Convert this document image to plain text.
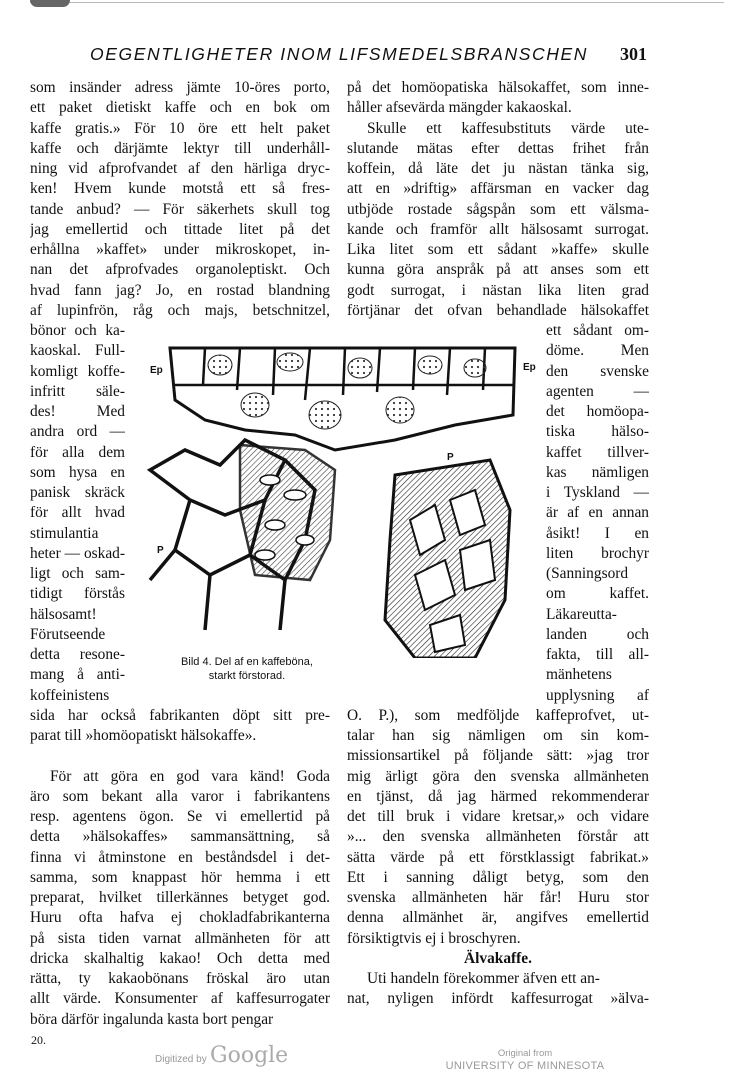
OEGENTLIGHETER INOM LIFSMEDELSBRANSCHEN 301
som insänder adress jämte 10-öres porto,
ett paket dietiskt kaffe och en bok om
kaffe gratis.» För 10 öre ett helt paket
kaffe och därjämte lektyr till underhåll-
ning vid afprofvandet af den härliga dryc-
ken! Hvem kunde motstå ett så fres-
tande anbud? — För säkerhets skull tog
jag emellertid och tittade litet på det
erhållna »kaffet» under mikroskopet, in-
nan det afprofvades organoleptiskt. Och
hvad fann jag? Jo, en rostad blandning
af lupinfrön, råg och majs, betschnitzel,
bönor och ka-
kaoskal. Full-
komligt koffe-
infritt säle-
des! Med
andra ord —
för alla dem
som hysa en
panisk skräck
för allt hvad
stimulantia
heter — oskad-
ligt och sam-
tidigt förstås
hälsosamt!
Förutseende
detta resone-
mang å anti-
koffeinistens
sida har också fabrikanten döpt sitt pre-
parat till »homöopatiskt hälsokaffe».
För att göra en god vara känd! Goda
äro som bekant alla varor i fabrikantens
resp. agentens ögon. Se vi emellertid på
detta »hälsokaffes» sammansättning, så
finna vi åtminstone en beståndsdel i det-
samma, som knappast hör hemma i ett
preparat, hvilket tillerkännes betyget god.
Huru ofta hafva ej chokladfabrikanterna
på sista tiden varnat allmänheten för att
dricka skalhaltig kakao! Och detta med
rätta, ty kakaobönans fröskal äro utan
allt värde. Konsumenter af kaffesurrogater
böra därför ingalunda kasta bort pengar
på det homöopatiska hälsokaffet, som inne-
håller afsevärda mängder kakaoskal.
Skulle ett kaffesubstituts värde ute-
slutande mätas efter dettas frihet från
koffein, då läte det ju nästan tänka sig,
att en »driftig» affärsman en vacker dag
utbjöde rostade sågspån som ett välsma-
kande och framför allt hälsosamt surrogat.
Lika litet som ett sådant »kaffe» skulle
kunna göra anspråk på att anses som ett
godt surrogat, i nästan lika liten grad
förtjänar det ofvan behandlade hälsokaffet
ett sådant om-
döme. Men
den svenske
agenten —
det homöopa-
tiska hälso-
kaffet tillver-
kas nämligen
i Tyskland —
är af en annan
åsikt! I en
liten brochyr
(Sanningsord
om kaffet.
Läkareutta-
landen och
fakta, till all-
mänhetens
upplysning af
O. P.), som medföljde kaffeprofvet, ut-
talar han sig nämligen om sin kom-
missionsartikel på följande sätt: »jag tror
mig ärligt göra den svenska allmänheten
en tjänst, då jag härmed rekommenderar
det till bruk i vidare kretsar,» och vidare
»... den svenska allmänheten förstår att
sätta värde på ett förstklassigt fabrikat.»
Ett i sanning dåligt betyg, som den
svenska allmänheten här får! Huru stor
denna allmänhet är, angifves emellertid
försiktigtvis ej i broschyren.
Älvakaffe.
Uti handeln förekommer äfven ett an-
nat, nyligen infördt kaffesurrogat »älva-
Ep	Ep
P
P
Bild 4. Del af en kaffeböna,
starkt förstorad.
20.
Digitized by Google	Original from
UNIVERSITY OF MINNESOTA
